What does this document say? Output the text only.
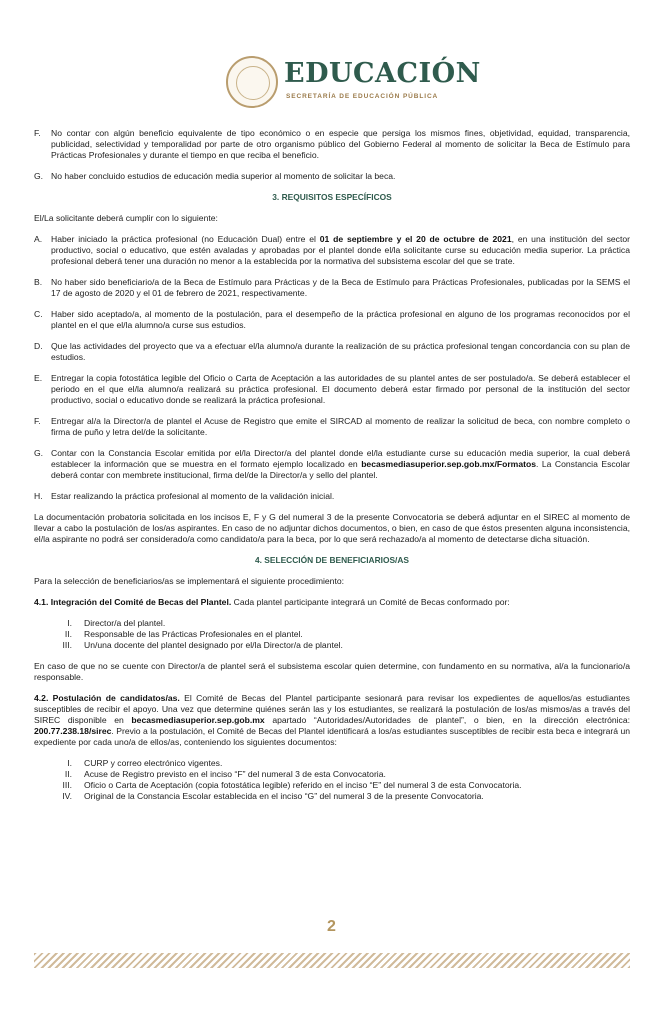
EDUCACIÓN
SECRETARÍA DE EDUCACIÓN PÚBLICA
F. No contar con algún beneficio equivalente de tipo económico o en especie que persiga los mismos fines, objetividad, equidad, transparencia, publicidad, selectividad y temporalidad por parte de otro organismo público del Gobierno Federal al momento de solicitar la Beca de Estímulo para Prácticas Profesionales y durante el tiempo en que reciba el beneficio.
G. No haber concluido estudios de educación media superior al momento de solicitar la beca.
3. REQUISITOS ESPECÍFICOS
El/La solicitante deberá cumplir con lo siguiente:
A. Haber iniciado la práctica profesional (no Educación Dual) entre el 01 de septiembre y el 20 de octubre de 2021, en una institución del sector productivo, social o educativo, que estén avaladas y aprobadas por el plantel donde el/la solicitante curse su educación media superior. La práctica profesional deberá tener una duración no menor a la establecida por la normativa del subsistema escolar del que se trate.
B. No haber sido beneficiario/a de la Beca de Estímulo para Prácticas y de la Beca de Estímulo para Prácticas Profesionales, publicadas por la SEMS el 17 de agosto de 2020 y el 01 de febrero de 2021, respectivamente.
C. Haber sido aceptado/a, al momento de la postulación, para el desempeño de la práctica profesional en alguno de los programas reconocidos por el plantel en el que el/la alumno/a curse sus estudios.
D. Que las actividades del proyecto que va a efectuar el/la alumno/a durante la realización de su práctica profesional tengan concordancia con su plan de estudios.
E. Entregar la copia fotostática legible del Oficio o Carta de Aceptación a las autoridades de su plantel antes de ser postulado/a. Se deberá establecer el periodo en el que el/la alumno/a realizará su práctica profesional. El documento deberá estar firmado por personal de la institución del sector productivo, social o educativo donde se realizará la práctica profesional.
F. Entregar al/a la Director/a de plantel el Acuse de Registro que emite el SIRCAD al momento de realizar la solicitud de beca, con nombre completo o firma de puño y letra del/de la solicitante.
G. Contar con la Constancia Escolar emitida por el/la Director/a del plantel donde el/la estudiante curse su educación media superior, la cual deberá establecer la información que se muestra en el formato ejemplo localizado en becasmediasuperior.sep.gob.mx/Formatos. La Constancia Escolar deberá contar con membrete institucional, firma del/de la Director/a y sello del plantel.
H. Estar realizando la práctica profesional al momento de la validación inicial.
La documentación probatoria solicitada en los incisos E, F y G del numeral 3 de la presente Convocatoria se deberá adjuntar en el SIREC al momento de llevar a cabo la postulación de los/as aspirantes. En caso de no adjuntar dichos documentos, o bien, en caso de que éstos presenten alguna inconsistencia, el/la aspirante no podrá ser considerado/a como candidato/a para la beca, por lo que será rechazado/a al momento de detectarse dicha situación.
4. SELECCIÓN DE BENEFICIARIOS/AS
Para la selección de beneficiarios/as se implementará el siguiente procedimiento:
4.1. Integración del Comité de Becas del Plantel. Cada plantel participante integrará un Comité de Becas conformado por:
I. Director/a del plantel.
II. Responsable de las Prácticas Profesionales en el plantel.
III. Un/una docente del plantel designado por el/la Director/a de plantel.
En caso de que no se cuente con Director/a de plantel será el subsistema escolar quien determine, con fundamento en su normativa, al/a la funcionario/a responsable.
4.2. Postulación de candidatos/as. El Comité de Becas del Plantel participante sesionará para revisar los expedientes de aquellos/as estudiantes susceptibles de recibir el apoyo. Una vez que determine quiénes serán las y los estudiantes, se realizará la postulación de los/as mismos/as a través del SIREC disponible en becasmediasuperior.sep.gob.mx apartado “Autoridades/Autoridades de plantel”, o bien, en la dirección electrónica: 200.77.238.18/sirec. Previo a la postulación, el Comité de Becas del Plantel identificará a los/as estudiantes susceptibles de recibir esta beca e integrará un expediente por cada uno/a de ellos/as, conteniendo los siguientes documentos:
I. CURP y correo electrónico vigentes.
II. Acuse de Registro previsto en el inciso “F” del numeral 3 de esta Convocatoria.
III. Oficio o Carta de Aceptación (copia fotostática legible) referido en el inciso “E” del numeral 3 de esta Convocatoria.
IV. Original de la Constancia Escolar establecida en el inciso “G” del numeral 3 de la presente Convocatoria.
2
